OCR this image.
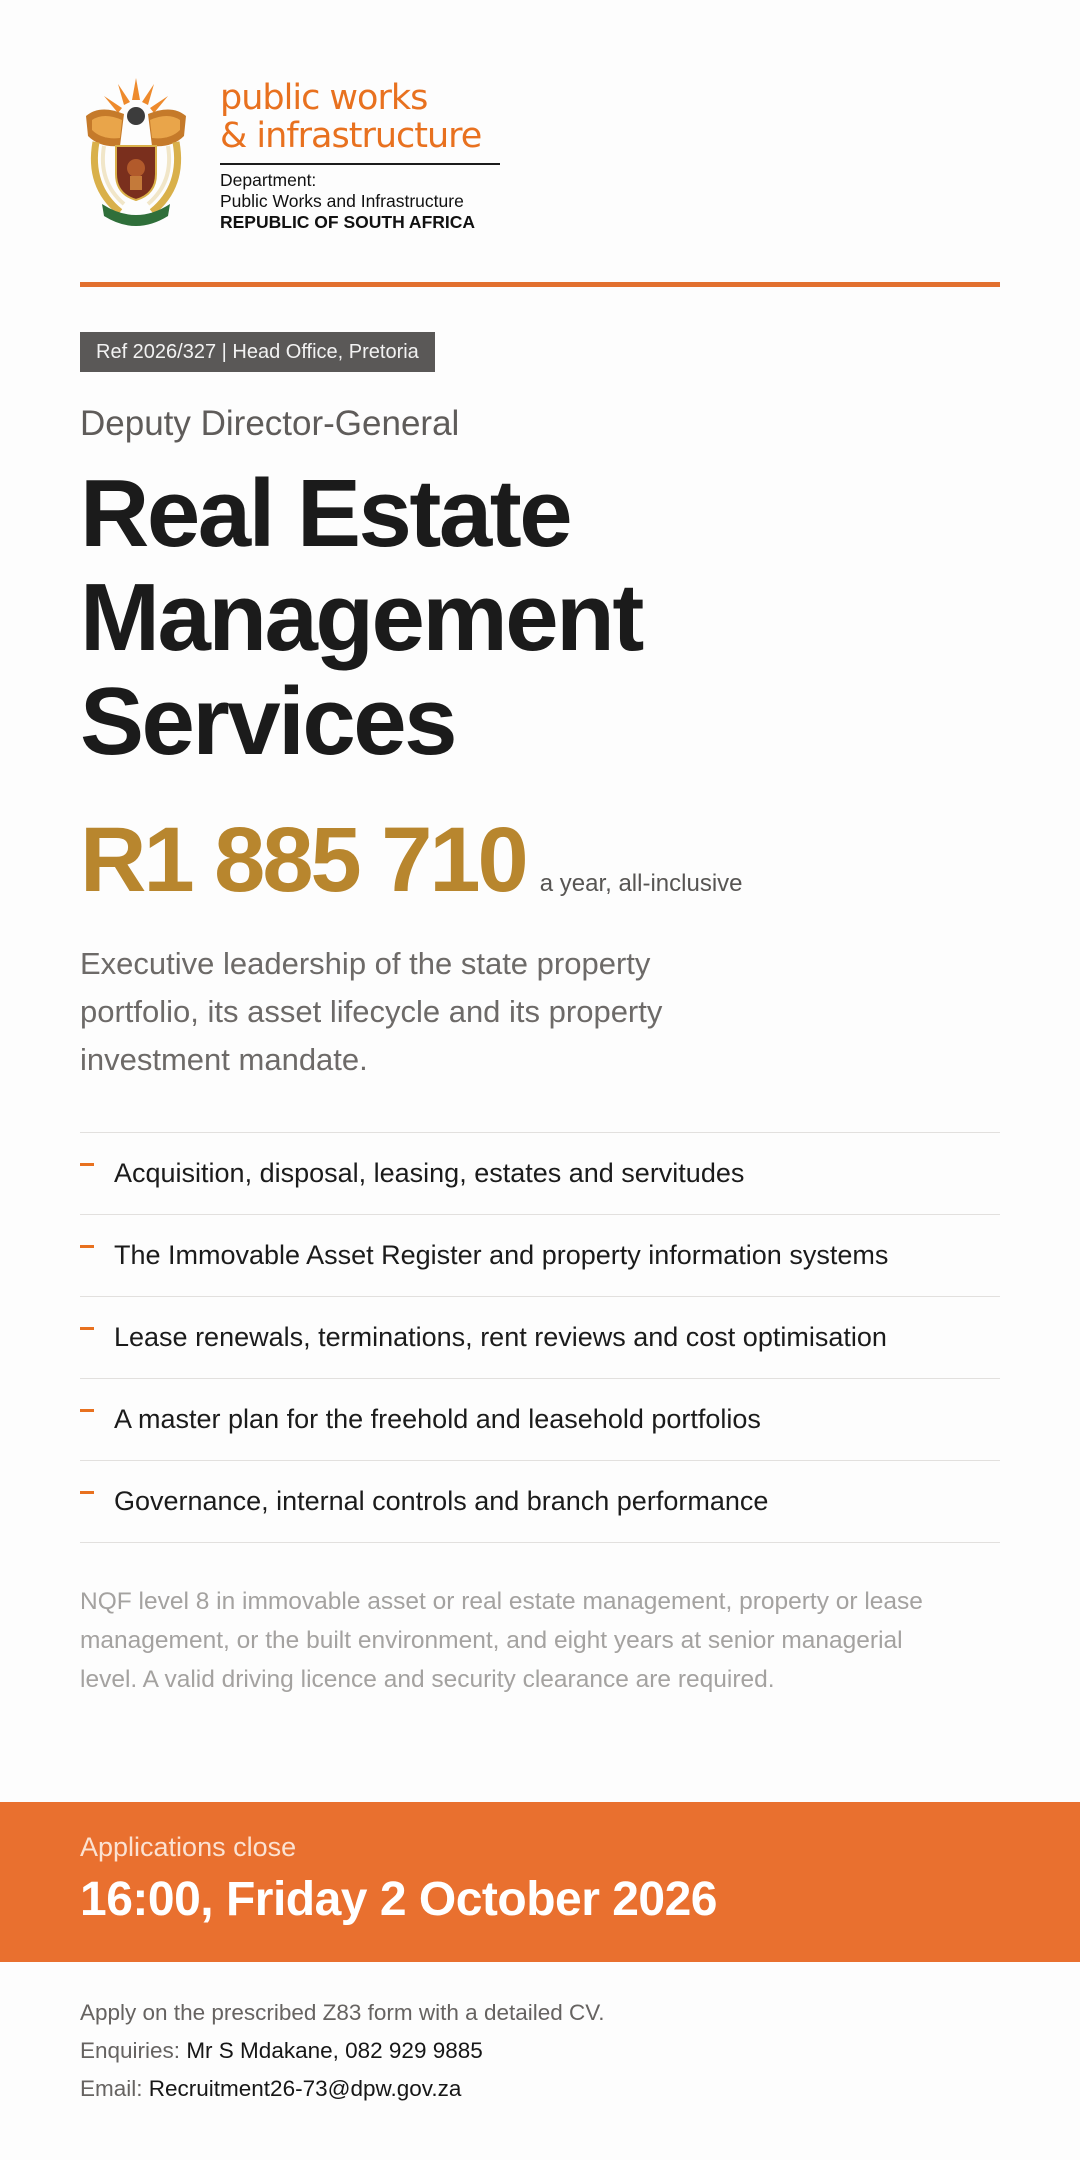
public works
& infrastructure
Department:
Public Works and Infrastructure
REPUBLIC OF SOUTH AFRICA
Ref 2026/327 | Head Office, Pretoria
Deputy Director-General
Real Estate
Management
Services
R1 885 710 a year, all-inclusive

Executive leadership of the state property portfolio, its asset lifecycle and its property investment mandate.

Acquisition, disposal, leasing, estates and servitudes
The Immovable Asset Register and property information systems
Lease renewals, terminations, rent reviews and cost optimisation
A master plan for the freehold and leasehold portfolios
Governance, internal controls and branch performance

NQF level 8 in immovable asset or real estate management, property or lease management, or the built environment, and eight years at senior managerial level. A valid driving licence and security clearance are required.

Applications close
16:00, Friday 2 October 2026
Apply on the prescribed Z83 form with a detailed CV.
Enquiries: Mr S Mdakane, 082 929 9885
Email: Recruitment26-73@dpw.gov.za
